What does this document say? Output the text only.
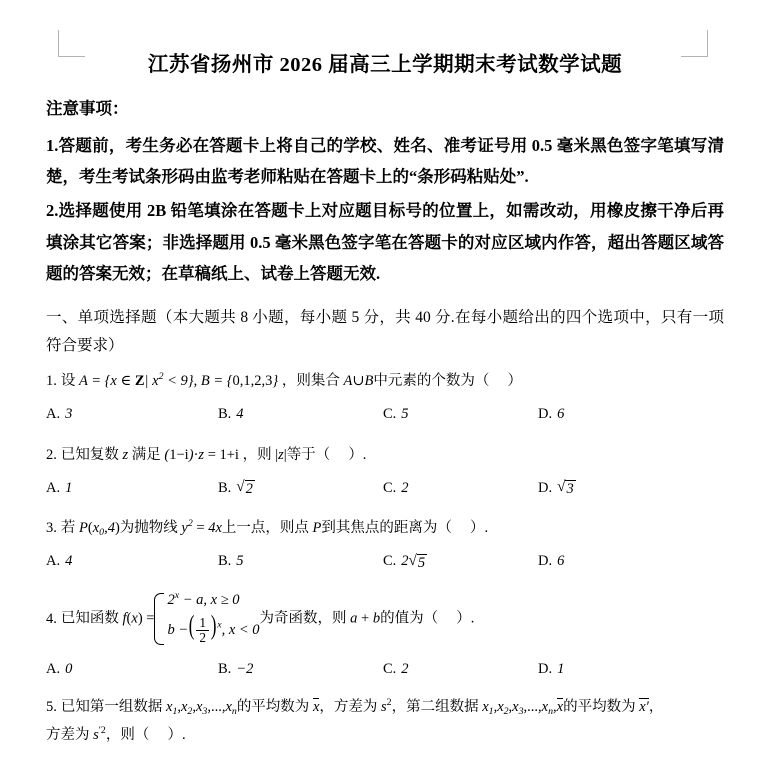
江苏省扬州市 2026 届高三上学期期末考试数学试题

注意事项：

1.答题前，考生务必在答题卡上将自己的学校、姓名、准考证号用 0.5 毫米黑色签字笔填写清楚，考生考试条形码由监考老师粘贴在答题卡上的“条形码粘贴处”.

2.选择题使用 2B 铅笔填涂在答题卡上对应题目标号的位置上，如需改动，用橡皮擦干净后再填涂其它答案；非选择题用 0.5 毫米黑色签字笔在答题卡的对应区域内作答，超出答题区域答题的答案无效；在草稿纸上、试卷上答题无效.

一、单项选择题（本大题共 8 小题，每小题 5 分，共 40 分.在每小题给出的四个选项中，只有一项符合要求）

1. 设 A = {x ∈ Z| $x^2 < 9$}, B = {0,1,2,3} ，则集合 A∪B中元素的个数为（ ）
A. 3	B. 4	C. 5	D. 6
2. 已知复数 z 满足 (1−i)·z = 1+i ，则 |z|等于（ ）.
A. 1	B. √ 2	C. 2	D. √ 3
3. 若 $P(x_0,4)$为抛物线 $y^2 = 4x$上一点，则点 P到其焦点的距离为（ ）.
A. 4	B. 5	C. 2 √ 5	D. 6
4. 已知函数 f(x) =
$2^x - a$, x ≥ 0
b −( $\frac{1}{2} )^x$, x < 0
为奇函数，则 a + b的值为（ ）.
A. 0	B. −2	C. 2	D. 1
5. 已知第一组数据 $x_1,x_2,x_3,...,x_n$的平均数为 x，方差为 $s^2$，第二组数据 $x_1,x_2,x_3,...,x_n,x$的平均数为 x′，
方差为 $s^{'2}$，则（ ）.
